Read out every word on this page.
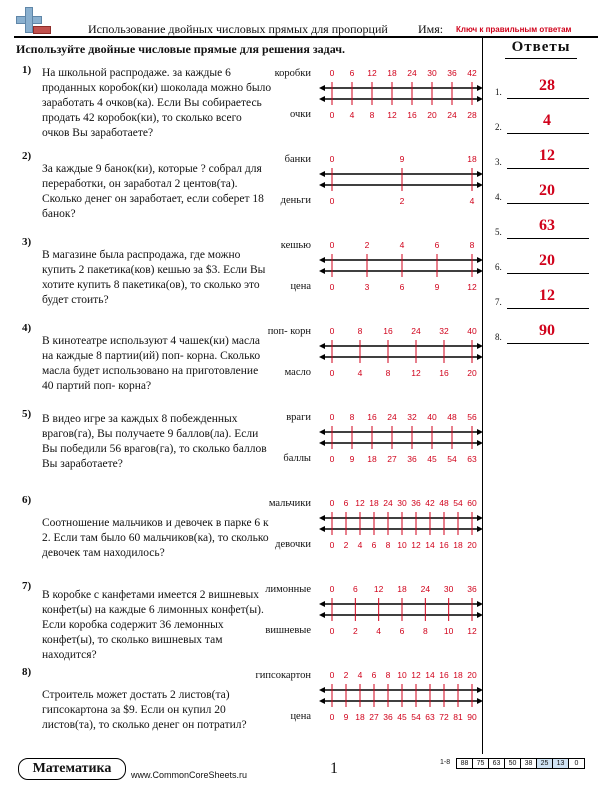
Использование двойных числовых прямых для пропорций	Имя: Ключ к правильным ответам
Используйте двойные числовые прямые для решения задач.	Ответы
1.	28
2.	4
3.	12
4.	20
5.	63
6.	20
7.	12
8.	90
1) На школьной распродаже. за каждые 6 проданных коробок(ки) шоколада можно было заработать 4 очков(ка). Если Вы собираетесь продать 42 коробок(ки), то сколько всего очков Вы заработаете?
коробки
очки
0
0
6
4
12
8
18
12
24
16
30
20
36
24
42
28
2)
За каждые 9 банок(ки), которые ? собрал для переработки, он заработал 2 центов(та). Сколько денег он заработает, если соберет 18 банок?
банки
деньги
0
0
9
2
18
4
3)
В магазине была распродажа, где можно купить 2 пакетика(ков) кешью за $3. Если Вы хотите купить 8 пакетика(ов), то сколько это будет стоить?
кешью
цена
0
0
2
3
4
6
6
9
8
12
4)
В кинотеатре используют 4 чашек(ки) масла на каждые 8 партии(ий) поп- корна. Сколько масла будет использовано на приготовление 40 партий поп- корна?
поп- корн
масло
0
0
8
4
16
8
24
12
32
16
40
20
5) В видео игре за каждых 8 побежденных врагов(га), Вы получаете 9 баллов(ла). Если Вы победили 56 врагов(га), то сколько баллов Вы заработаете?
враги
баллы
0
0
8
9
16
18
24
27
32
36
40
45
48
54
56
63
6)
Соотношение мальчиков и девочек в парке 6 к 2. Если там было 60 мальчиков(ка), то сколько девочек там находилось?
мальчики
девочки
0
0
6
2
12
4
18
6
24
8
30
10
36
12
42
14
48
16
54
18
60
20
7)
В коробке с канфетами имеется 2 вишневых конфет(ы) на каждые 6 лимонных конфет(ы). Если коробка содержит 36 лемонных конфет(ы), то сколько вишневых там находится?
лимонные
вишневые
0
0
6
2
12
4
18
6
24
8
30
10
36
12
8)
Строитель может достать 2 листов(та) гипсокартона за $9. Если он купил 20 листов(та), то сколько денег он потратил?
гипсокартон
цена
0
0
2
9
4
18
6
27
8
36
10
45
12
54
14
63
16
72
18
81
20
90
Математика	www.CommonCoreSheets.ru	1	1-8 88	75	63	50	38	25	13	0
